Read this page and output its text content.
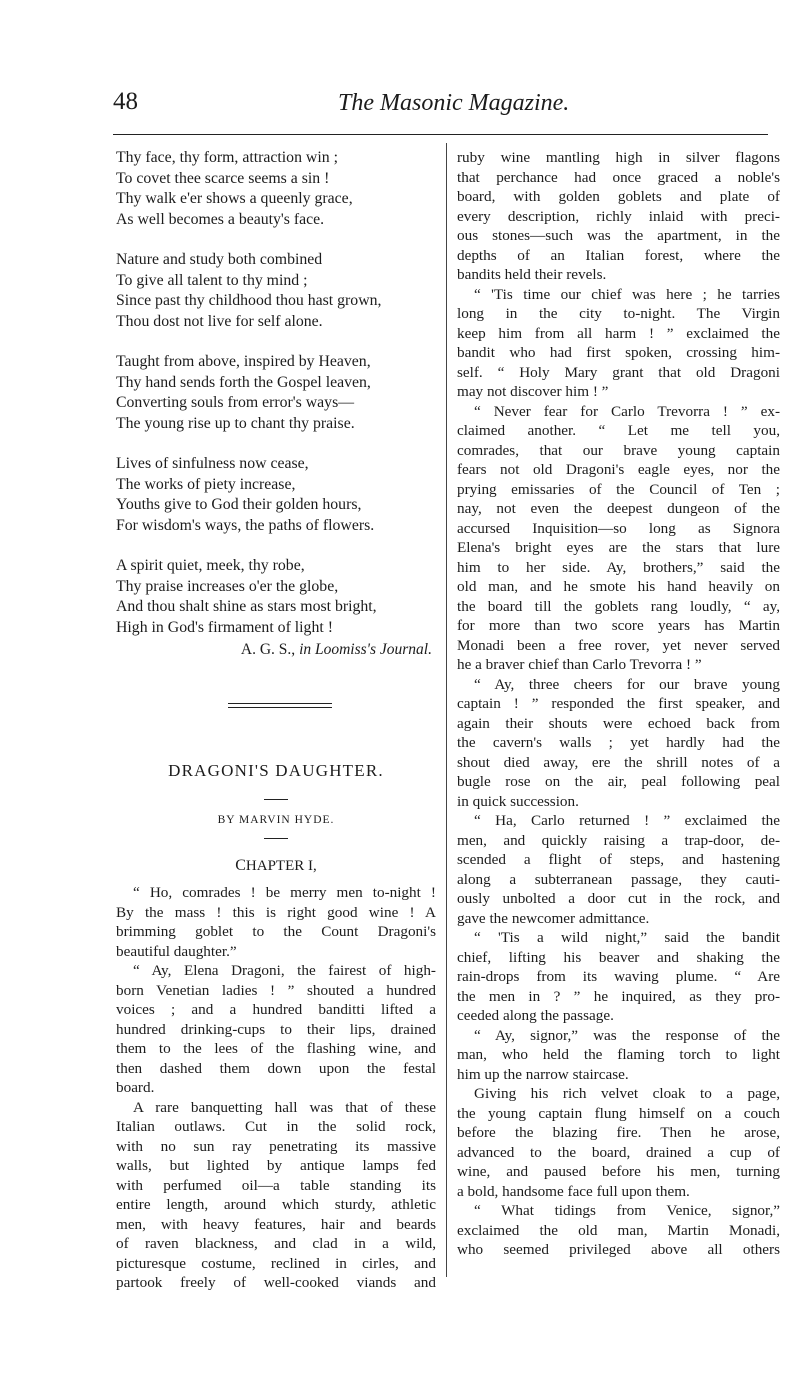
48	The Masonic Magazine.
Thy face, thy form, attraction win ;
To covet thee scarce seems a sin !
Thy walk e'er shows a queenly grace,
As well becomes a beauty's face.
Nature and study both combined
To give all talent to thy mind ;
Since past thy childhood thou hast grown,
Thou dost not live for self alone.
Taught from above, inspired by Heaven,
Thy hand sends forth the Gospel leaven,
Converting souls from error's ways—
The young rise up to chant thy praise.
Lives of sinfulness now cease,
The works of piety increase,
Youths give to God their golden hours,
For wisdom's ways, the paths of flowers.
A spirit quiet, meek, thy robe,
Thy praise increases o'er the globe,
And thou shalt shine as stars most bright,
High in God's firmament of light !
A. G. S., in Loomiss's Journal.
DRAGONI'S DAUGHTER.
BY MARVIN HYDE.
CHAPTER I,
“ Ho, comrades ! be merry men to-night !
By the mass ! this is right good wine ! A
brimming goblet to the Count Dragoni's
beautiful daughter.”
“ Ay, Elena Dragoni, the fairest of high-
born Venetian ladies ! ” shouted a hundred
voices ; and a hundred banditti lifted a
hundred drinking-cups to their lips, drained
them to the lees of the flashing wine, and
then dashed them down upon the festal
board.
A rare banquetting hall was that of these
Italian outlaws. Cut in the solid rock,
with no sun ray penetrating its massive
walls, but lighted by antique lamps fed
with perfumed oil—a table standing its
entire length, around which sturdy, athletic
men, with heavy features, hair and beards
of raven blackness, and clad in a wild,
picturesque costume, reclined in cirles, and
partook freely of well-cooked viands and
ruby wine mantling high in silver flagons
that perchance had once graced a noble's
board, with golden goblets and plate of
every description, richly inlaid with preci-
ous stones—such was the apartment, in the
depths of an Italian forest, where the
bandits held their revels.
“ 'Tis time our chief was here ; he tarries
long in the city to-night. The Virgin
keep him from all harm ! ” exclaimed the
bandit who had first spoken, crossing him-
self. “ Holy Mary grant that old Dragoni
may not discover him ! ”
“ Never fear for Carlo Trevorra ! ” ex-
claimed another. “ Let me tell you,
comrades, that our brave young captain
fears not old Dragoni's eagle eyes, nor the
prying emissaries of the Council of Ten ;
nay, not even the deepest dungeon of the
accursed Inquisition—so long as Signora
Elena's bright eyes are the stars that lure
him to her side. Ay, brothers,” said the
old man, and he smote his hand heavily on
the board till the goblets rang loudly, “ ay,
for more than two score years has Martin
Monadi been a free rover, yet never served
he a braver chief than Carlo Trevorra ! ”
“ Ay, three cheers for our brave young
captain ! ” responded the first speaker, and
again their shouts were echoed back from
the cavern's walls ; yet hardly had the
shout died away, ere the shrill notes of a
bugle rose on the air, peal following peal
in quick succession.
“ Ha, Carlo returned ! ” exclaimed the
men, and quickly raising a trap-door, de-
scended a flight of steps, and hastening
along a subterranean passage, they cauti-
ously unbolted a door cut in the rock, and
gave the newcomer admittance.
“ 'Tis a wild night,” said the bandit
chief, lifting his beaver and shaking the
rain-drops from its waving plume. “ Are
the men in ? ” he inquired, as they pro-
ceeded along the passage.
“ Ay, signor,” was the response of the
man, who held the flaming torch to light
him up the narrow staircase.
Giving his rich velvet cloak to a page,
the young captain flung himself on a couch
before the blazing fire. Then he arose,
advanced to the board, drained a cup of
wine, and paused before his men, turning
a bold, handsome face full upon them.
“ What tidings from Venice, signor,”
exclaimed the old man, Martin Monadi,
who seemed privileged above all others
